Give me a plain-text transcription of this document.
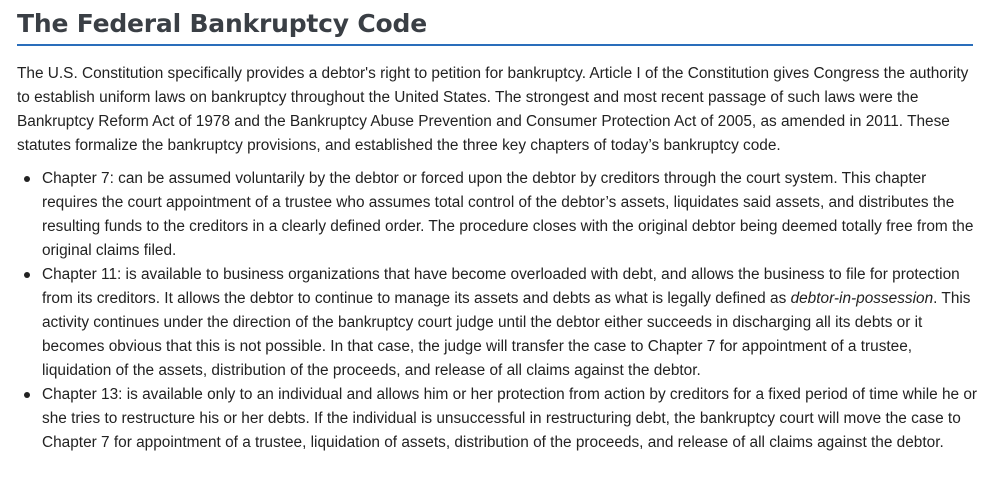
The Federal Bankruptcy Code

The U.S. Constitution specifically provides a debtor's right to petition for bankruptcy. Article I of the Constitution gives Congress the authority to establish uniform laws on bankruptcy throughout the United States. The strongest and most recent passage of such laws were the Bankruptcy Reform Act of 1978 and the Bankruptcy Abuse Prevention and Consumer Protection Act of 2005, as amended in 2011. These statutes formalize the bankruptcy provisions, and established the three key chapters of today’s bankruptcy code.

Chapter 7: can be assumed voluntarily by the debtor or forced upon the debtor by creditors through the court system. This chapter requires the court appointment of a trustee who assumes total control of the debtor’s assets, liquidates said assets, and distributes the resulting funds to the creditors in a clearly defined order. The procedure closes with the original debtor being deemed totally free from the original claims filed.
Chapter 11: is available to business organizations that have become overloaded with debt, and allows the business to file for protection from its creditors. It allows the debtor to continue to manage its assets and debts as what is legally defined as debtor-in-possession. This activity continues under the direction of the bankruptcy court judge until the debtor either succeeds in discharging all its debts or it becomes obvious that this is not possible. In that case, the judge will transfer the case to Chapter 7 for appointment of a trustee, liquidation of the assets, distribution of the proceeds, and release of all claims against the debtor.
Chapter 13: is available only to an individual and allows him or her protection from action by creditors for a fixed period of time while he or she tries to restructure his or her debts. If the individual is unsuccessful in restructuring debt, the bankruptcy court will move the case to Chapter 7 for appointment of a trustee, liquidation of assets, distribution of the proceeds, and release of all claims against the debtor.
